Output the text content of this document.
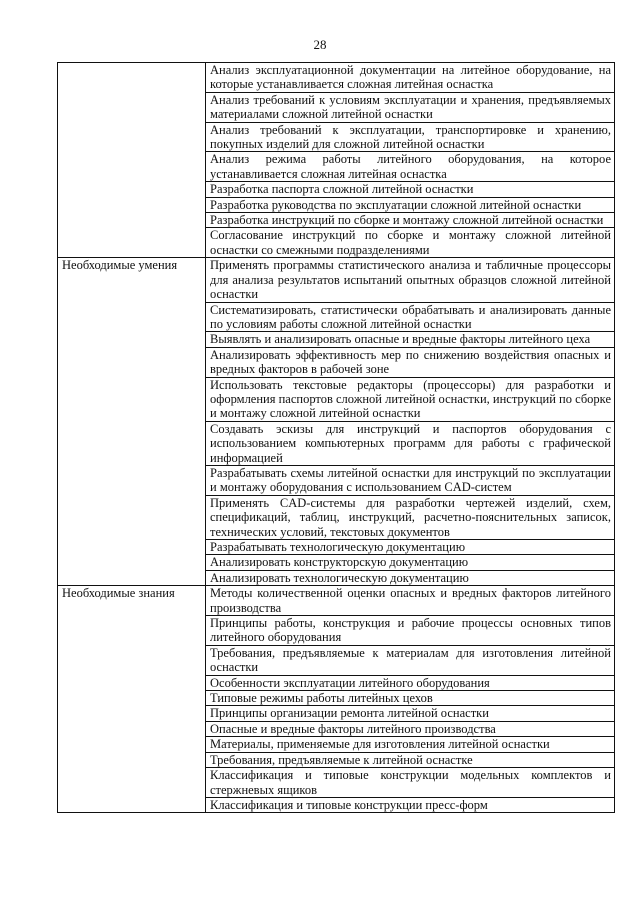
28
	Анализ эксплуатационной документации на литейное оборудование, на которые устанавливается сложная литейная оснастка
	Анализ требований к условиям эксплуатации и хранения, предъявляемых материалами сложной литейной оснастки
	Анализ требований к эксплуатации, транспортировке и хранению, покупных изделий для сложной литейной оснастки
	Анализ режима работы литейного оборудования, на которое устанавливается сложная литейная оснастка
	Разработка паспорта сложной литейной оснастки
	Разработка руководства по эксплуатации сложной литейной оснастки
	Разработка инструкций по сборке и монтажу сложной литейной оснастки
	Согласование инструкций по сборке и монтажу сложной литейной оснастки со смежными подразделениями
Необходимые умения	Применять программы статистического анализа и табличные процессоры для анализа результатов испытаний опытных образцов сложной литейной оснастки
	Систематизировать, статистически обрабатывать и анализировать данные по условиям работы сложной литейной оснастки
	Выявлять и анализировать опасные и вредные факторы литейного цеха
	Анализировать эффективность мер по снижению воздействия опасных и вредных факторов в рабочей зоне
	Использовать текстовые редакторы (процессоры) для разработки и оформления паспортов сложной литейной оснастки, инструкций по сборке и монтажу сложной литейной оснастки
	Создавать эскизы для инструкций и паспортов оборудования с использованием компьютерных программ для работы с графической информацией
	Разрабатывать схемы литейной оснастки для инструкций по эксплуатации и монтажу оборудования с использованием CAD-систем
	Применять CAD-системы для разработки чертежей изделий, схем, спецификаций, таблиц, инструкций, расчетно-пояснительных записок, технических условий, текстовых документов
	Разрабатывать технологическую документацию
	Анализировать конструкторскую документацию
	Анализировать технологическую документацию
Необходимые знания	Методы количественной оценки опасных и вредных факторов литейного производства
	Принципы работы, конструкция и рабочие процессы основных типов литейного оборудования
	Требования, предъявляемые к материалам для изготовления литейной оснастки
	Особенности эксплуатации литейного оборудования
	Типовые режимы работы литейных цехов
	Принципы организации ремонта литейной оснастки
	Опасные и вредные факторы литейного производства
	Материалы, применяемые для изготовления литейной оснастки
	Требования, предъявляемые к литейной оснастке
	Классификация и типовые конструкции модельных комплектов и стержневых ящиков
	Классификация и типовые конструкции пресс-форм
